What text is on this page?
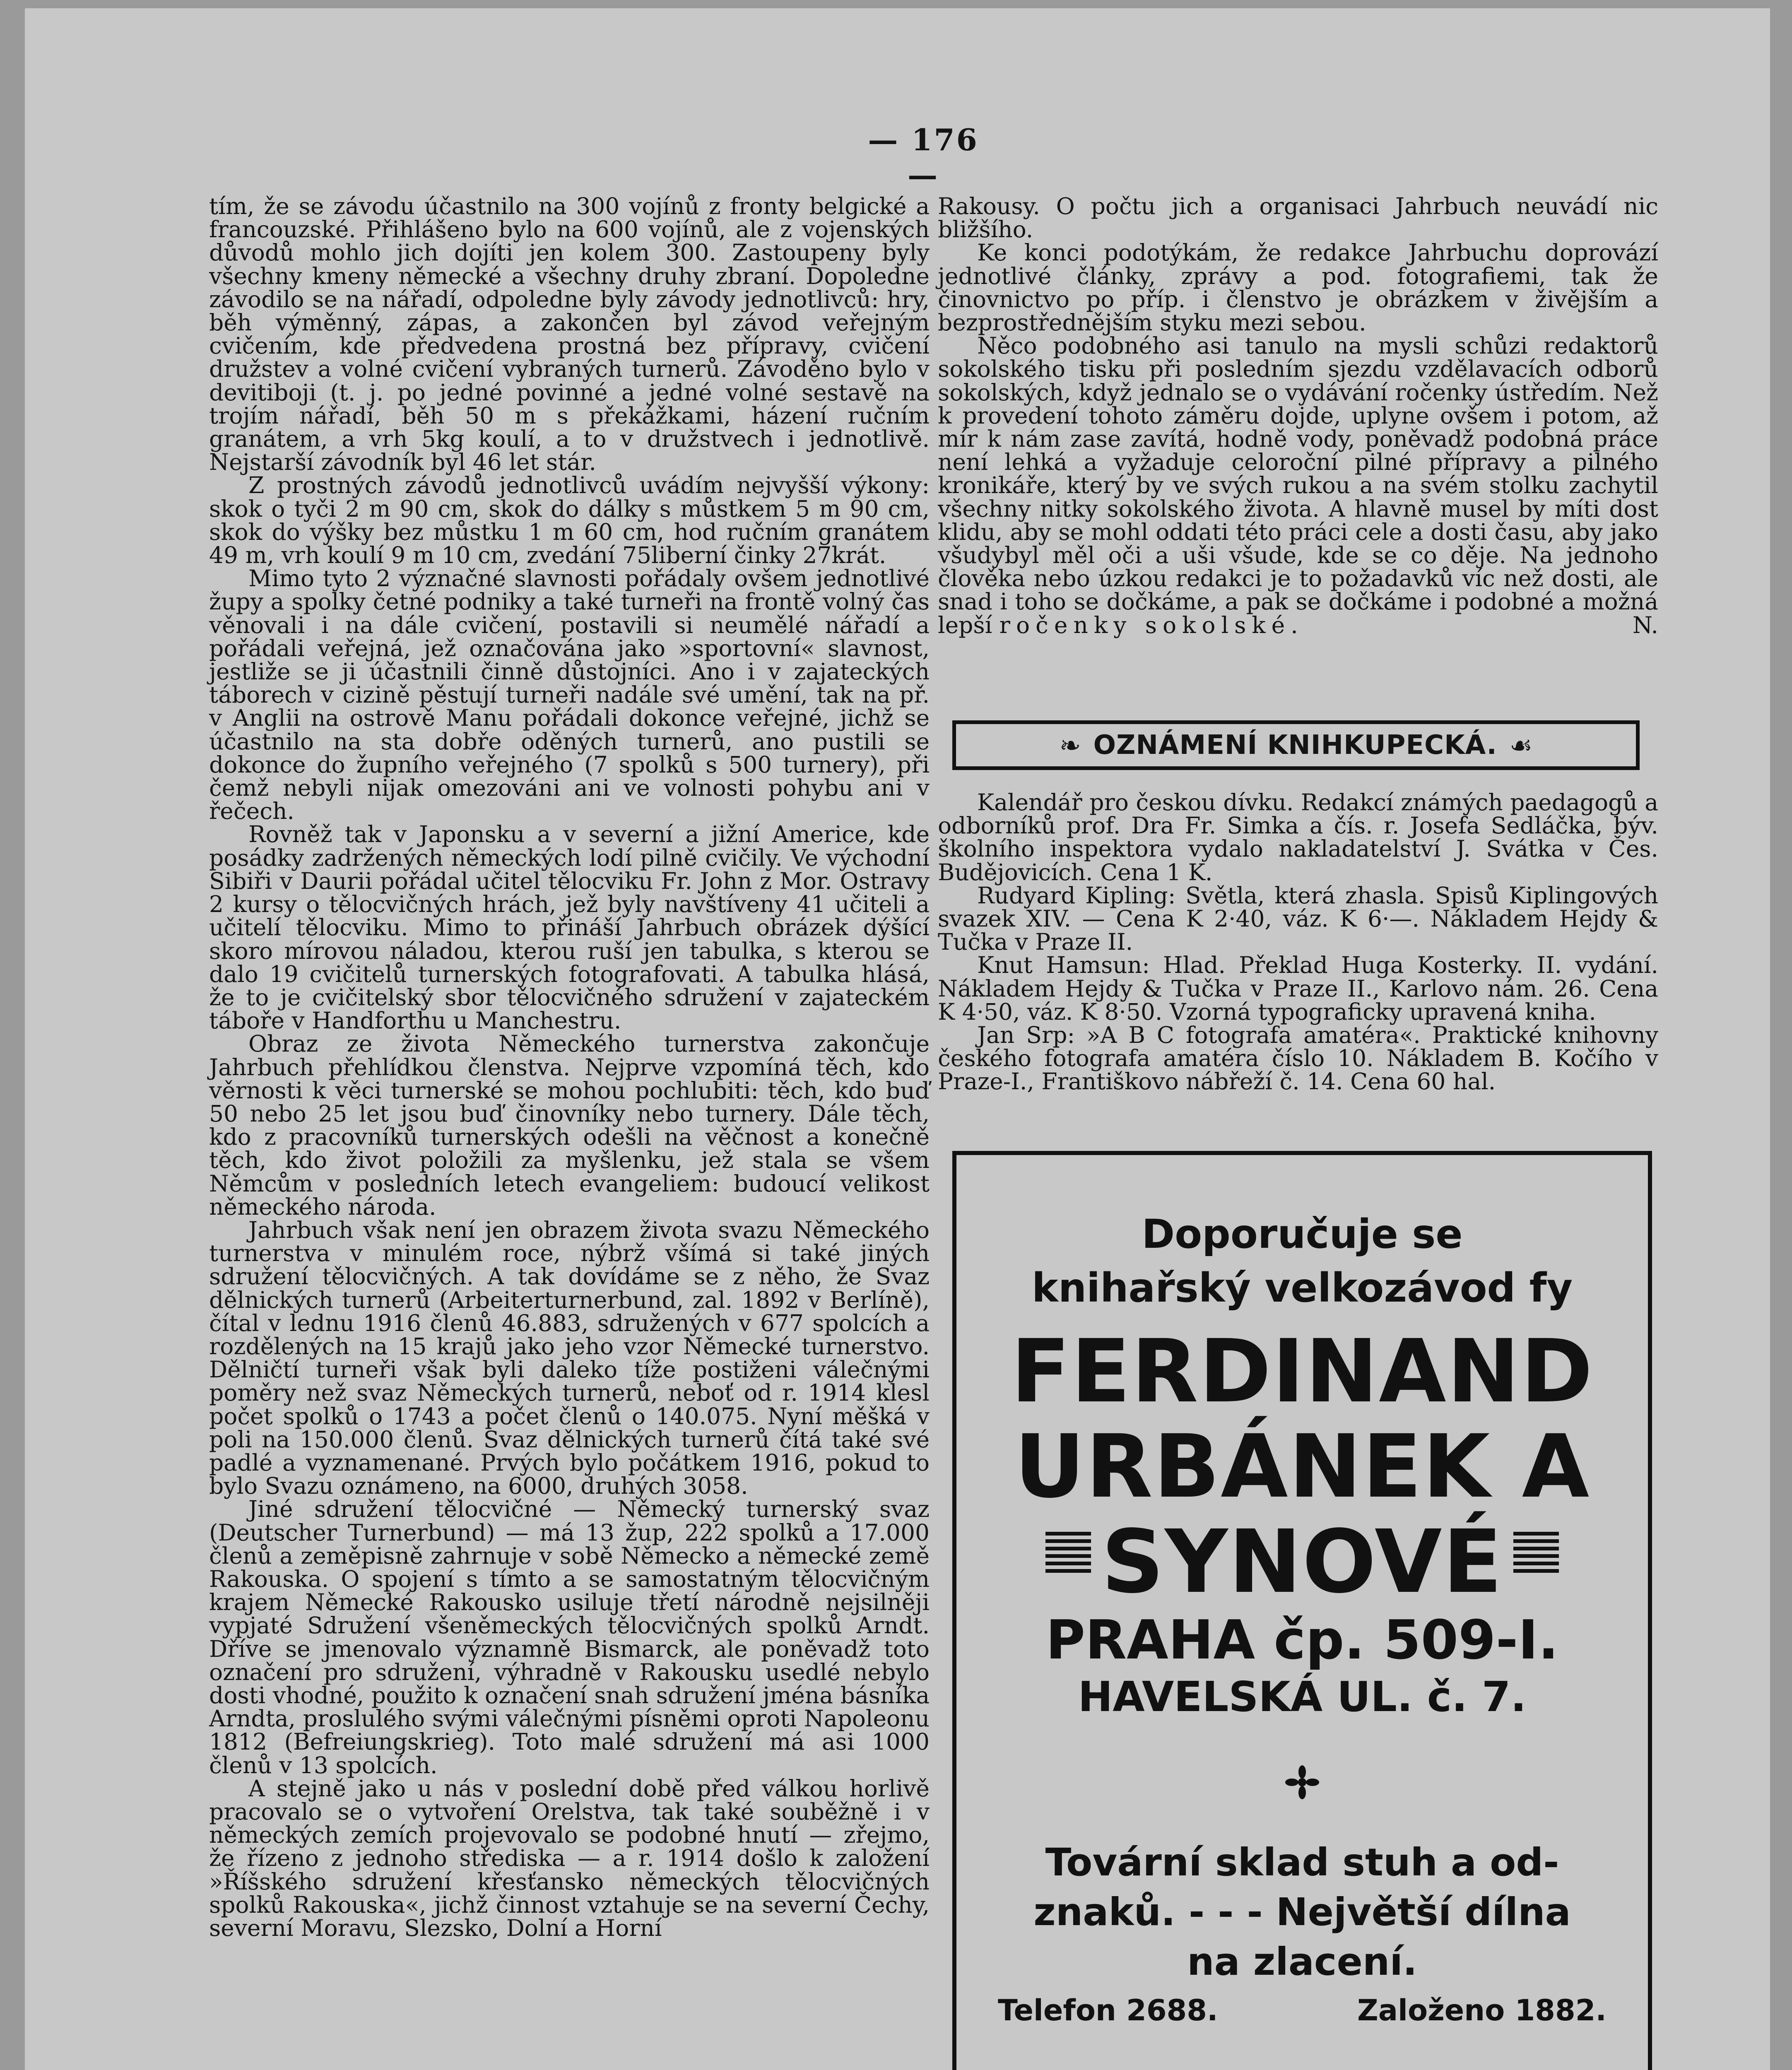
— 176 —

tím, že se závodu účastnilo na 300 vojínů z fronty belgické a francouzské. Přihlášeno bylo na 600 vojínů, ale z vojenských důvodů mohlo jich dojíti jen kolem 300. Zastoupeny byly všechny kmeny německé a všechny druhy zbraní. Dopoledne závodilo se na nářadí, odpoledne byly závody jednotlivců: hry, běh výměnný, zápas, a zakončen byl závod veřejným cvičením, kde předvedena prostná bez přípravy, cvičení družstev a volné cvičení vybraných turnerů. Závoděno bylo v devitiboji (t. j. po jedné povinné a jedné volné sestavě na trojím nářadí, běh 50 m s překážkami, házení ručním granátem, a vrh 5kg koulí, a to v družstvech i jednotlivě. Nejstarší závodník byl 46 let stár.

Z prostných závodů jednotlivců uvádím nejvyšší výkony: skok o tyči 2 m 90 cm, skok do dálky s můstkem 5 m 90 cm, skok do výšky bez můstku 1 m 60 cm, hod ručním granátem 49 m, vrh koulí 9 m 10 cm, zvedání 75liberní činky 27krát.

Mimo tyto 2 význačné slavnosti pořádaly ovšem jednotlivé župy a spolky četné podniky a také turneři na frontě volný čas věnovali i na dále cvičení, postavili si neumělé nářadí a pořádali veřejná, jež označována jako »sportovní« slavnost, jestliže se ji účastnili činně důstojníci. Ano i v zajateckých táborech v cizině pěstují turneři nadále své umění, tak na př. v Anglii na ostrově Manu pořádali dokonce veřejné, jichž se účastnilo na sta dobře oděných turnerů, ano pustili se dokonce do župního veřejného (7 spolků s 500 turnery), při čemž nebyli nijak omezováni ani ve volnosti pohybu ani v řečech.

Rovněž tak v Japonsku a v severní a jižní Americe, kde posádky zadržených německých lodí pilně cvičily. Ve východní Sibiři v Daurii pořádal učitel tělocviku Fr. John z Mor. Ostravy 2 kursy o tělocvičných hrách, jež byly navštíveny 41 učiteli a učitelí tělocviku. Mimo to přináší Jahrbuch obrázek dýšící skoro mírovou náladou, kterou ruší jen tabulka, s kterou se dalo 19 cvičitelů turnerských fotografovati. A tabulka hlásá, že to je cvičitelský sbor tělocvičného sdružení v zajateckém táboře v Handforthu u Manchestru.

Obraz ze života Německého turnerstva zakončuje Jahrbuch přehlídkou členstva. Nejprve vzpomíná těch, kdo věrnosti k věci turnerské se mohou pochlubiti: těch, kdo buď 50 nebo 25 let jsou buď činovníky nebo turnery. Dále těch, kdo z pracovníků turnerských odešli na věčnost a konečně těch, kdo život položili za myšlenku, jež stala se všem Němcům v posledních letech evangeliem: budoucí velikost německého národa.

Jahrbuch však není jen obrazem života svazu Německého turnerstva v minulém roce, nýbrž všímá si také jiných sdružení tělocvičných. A tak dovídáme se z něho, že Svaz dělnických turnerů (Arbeiterturnerbund, zal. 1892 v Berlíně), čítal v lednu 1916 členů 46.883, sdružených v 677 spolcích a rozdělených na 15 krajů jako jeho vzor Německé turnerstvo. Dělničtí turneři však byli daleko tíže postiženi válečnými poměry než svaz Německých turnerů, neboť od r. 1914 klesl počet spolků o 1743 a počet členů o 140.075. Nyní měšká v poli na 150.000 členů. Svaz dělnických turnerů čítá také své padlé a vyznamenané. Prvých bylo počátkem 1916, pokud to bylo Svazu oznámeno, na 6000, druhých 3058.

Jiné sdružení tělocvičné — Německý turnerský svaz (Deutscher Turnerbund) — má 13 žup, 222 spolků a 17.000 členů a zeměpisně zahrnuje v sobě Německo a německé země Rakouska. O spojení s tímto a se samostatným tělocvičným krajem Německé Rakousko usiluje třetí národně nejsilněji vypjaté Sdružení všeněmeckých tělocvičných spolků Arndt. Dříve se jmenovalo významně Bismarck, ale poněvadž toto označení pro sdružení, výhradně v Rakousku usedlé nebylo dosti vhodné, použito k označení snah sdružení jména básníka Arndta, proslulého svými válečnými písněmi oproti Napoleonu 1812 (Befreiungskrieg). Toto malé sdružení má asi 1000 členů v 13 spolcích.

A stejně jako u nás v poslední době před válkou horlivě pracovalo se o vytvoření Orelstva, tak také souběžně i v německých zemích projevovalo se podobné hnutí — zřejmo, že řízeno z jednoho střediska — a r. 1914 došlo k založení »Říšského sdružení křesťansko německých tělocvičných spolků Rakouska«, jichž činnost vztahuje se na severní Čechy, severní Moravu, Slezsko, Dolní a Horní

Rakousy. O počtu jich a organisaci Jahrbuch neuvádí nic bližšího.

Ke konci podotýkám, že redakce Jahrbuchu doprovází jednotlivé články, zprávy a pod. fotografiemi, tak že činovnictvo po příp. i členstvo je obrázkem v živějším a bezprostřednějším styku mezi sebou.

Něco podobného asi tanulo na mysli schůzi redaktorů sokolského tisku při posledním sjezdu vzdělavacích odborů sokolských, když jednalo se o vydávání ročenky ústředím. Než k provedení tohoto záměru dojde, uplyne ovšem i potom, až mír k nám zase zavítá, hodně vody, poněvadž podobná práce není lehká a vyžaduje celoroční pilné přípravy a pilného kronikáře, který by ve svých rukou a na svém stolku zachytil všechny nitky sokolského života. A hlavně musel by míti dost klidu, aby se mohl oddati této práci cele a dosti času, aby jako všudybyl měl oči a uši všude, kde se co děje. Na jednoho člověka nebo úzkou redakci je to požadavků víc než dosti, ale snad i toho se dočkáme, a pak se dočkáme i podobné a možná lepší ročenky sokolské.	N.

❧ OZNÁMENÍ KNIHKUPECKÁ. ☙

Kalendář pro českou dívku. Redakcí známých paedagogů a odborníků prof. Dra Fr. Simka a čís. r. Josefa Sedláčka, býv. školního inspektora vydalo nakladatelství J. Svátka v Čes. Budějovicích. Cena 1 K.

Rudyard Kipling: Světla, která zhasla. Spisů Kiplingových svazek XIV. — Cena K 2·40, váz. K 6·—. Nákladem Hejdy & Tučka v Praze II.

Knut Hamsun: Hlad. Překlad Huga Kosterky. II. vydání. Nákladem Hejdy & Tučka v Praze II., Karlovo nám. 26. Cena K 4·50, váz. K 8·50. Vzorná typograficky upravená kniha.

Jan Srp: »A B C fotografa amatéra«. Praktické knihovny českého fotografa amatéra číslo 10. Nákladem B. Kočího v Praze-I., Františkovo nábřeží č. 14. Cena 60 hal.

Doporučuje se
knihařský velkozávod fy
FERDINAND
URBÁNEK A
SYNOVÉ
PRAHA čp. 509-I.
HAVELSKÁ UL. č. 7.
Tovární sklad stuh a od-
znaků. - - - Největší dílna
na zlacení.
Telefon 2688.	Založeno 1882.
